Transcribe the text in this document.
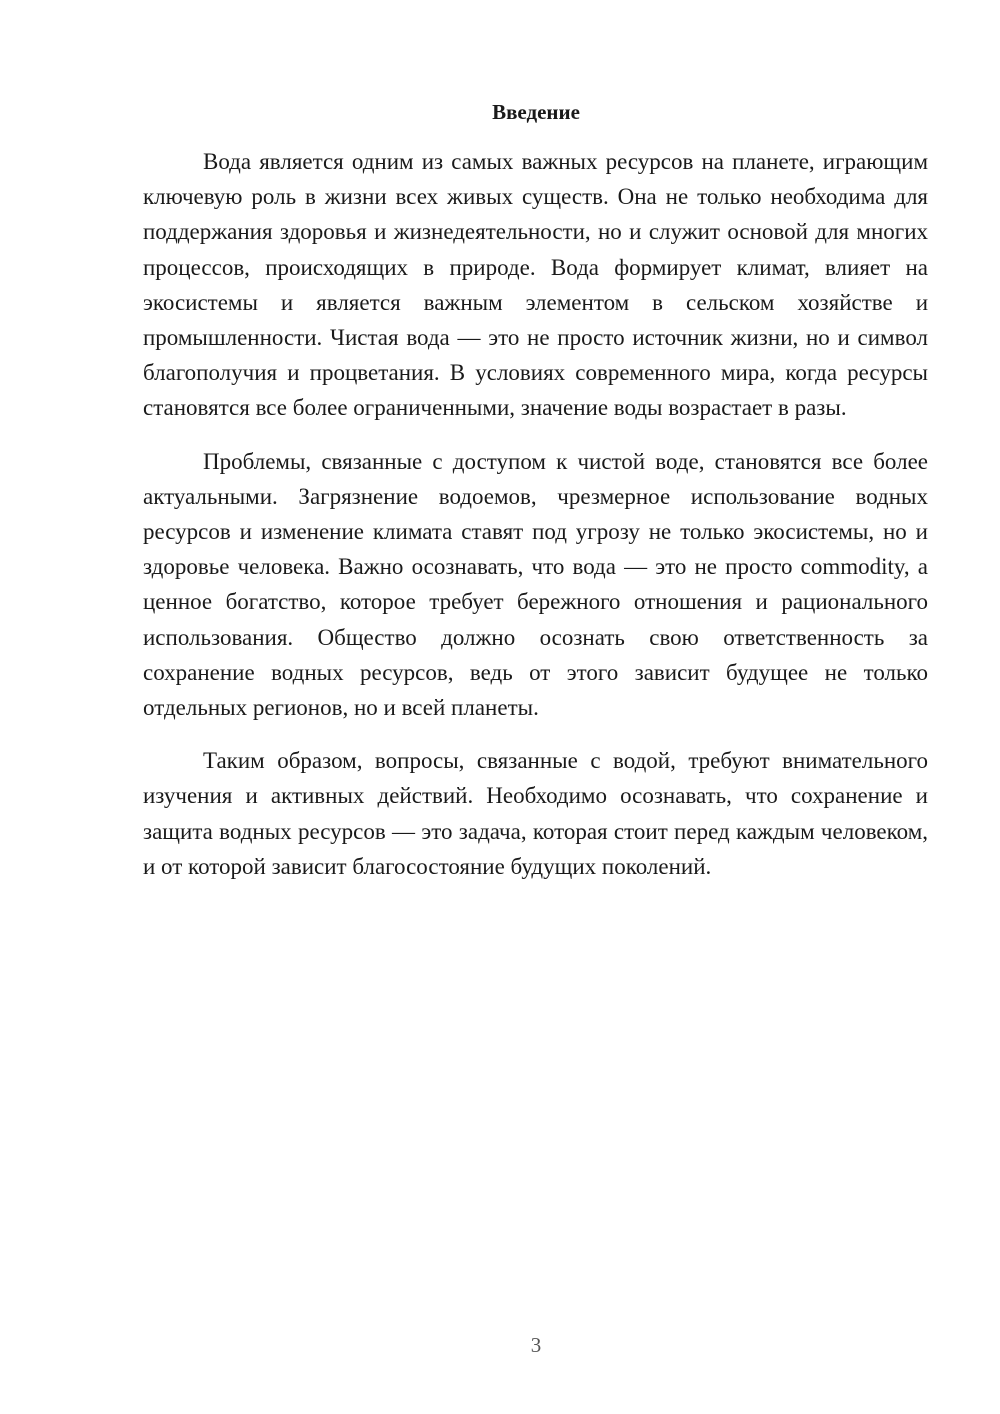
Введение

Вода является одним из самых важных ресурсов на планете, играющим ключевую роль в жизни всех живых существ. Она не только необходима для поддержания здоровья и жизнедеятельности, но и служит основой для многих процессов, происходящих в природе. Вода формирует климат, влияет на экосистемы и является важным элементом в сельском хозяйстве и промышленности. Чистая вода — это не просто источник жизни, но и символ благополучия и процветания. В условиях современного мира, когда ресурсы становятся все более ограниченными, значение воды возрастает в разы.

Проблемы, связанные с доступом к чистой воде, становятся все более актуальными. Загрязнение водоемов, чрезмерное использование водных ресурсов и изменение климата ставят под угрозу не только экосистемы, но и здоровье человека. Важно осознавать, что вода — это не просто commodity, а ценное богатство, которое требует бережного отношения и рационального использования. Общество должно осознать свою ответственность за сохранение водных ресурсов, ведь от этого зависит будущее не только отдельных регионов, но и всей планеты.

Таким образом, вопросы, связанные с водой, требуют внимательного изучения и активных действий. Необходимо осознавать, что сохранение и защита водных ресурсов — это задача, которая стоит перед каждым человеком, и от которой зависит благосостояние будущих поколений.

3
